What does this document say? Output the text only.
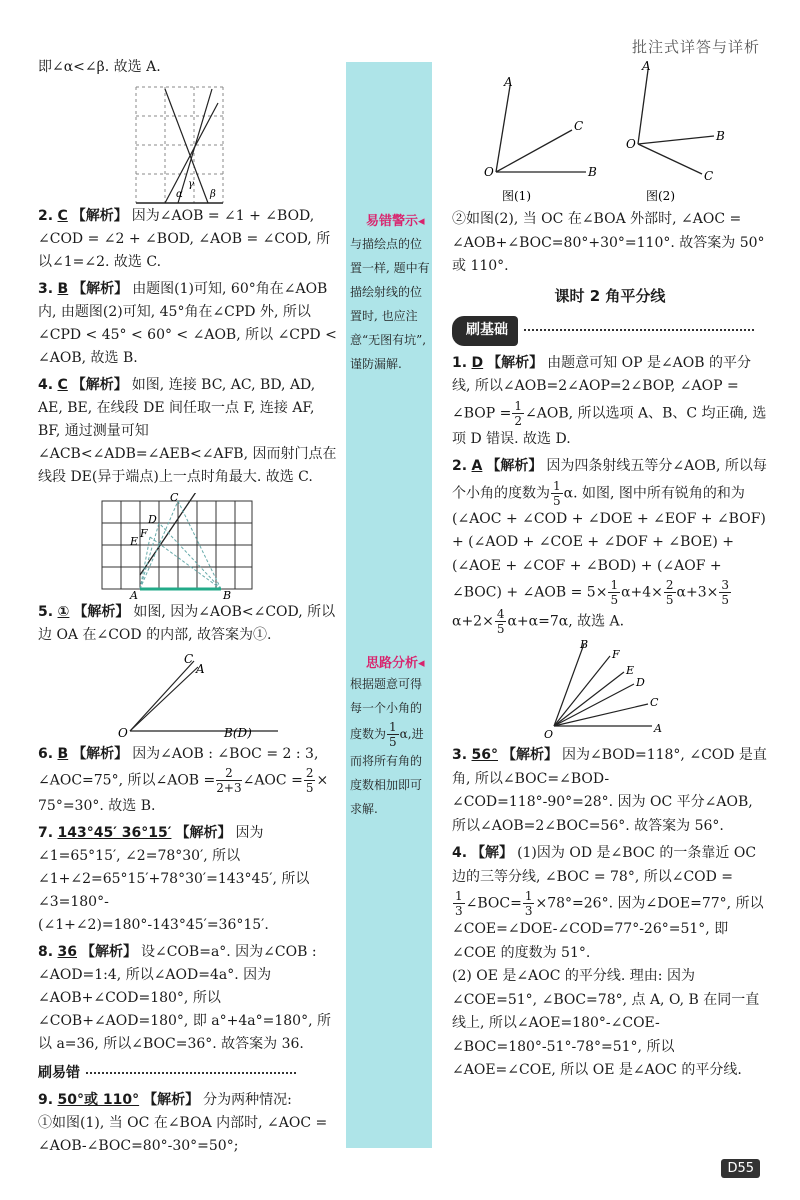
批注式详答与详析
易错警示◂
与描绘点的位置一样, 题中有描绘射线的位置时, 也应注意“无图有坑”, 谨防漏解.
思路分析◂
根据题意可得每一个小角的度数为 $\frac{1}{5} \alpha$,进而将所有角的度数相加即可求解.
即∠α<∠β. 故选 A.
α
γ
β
2. C 【解析】 因为∠AOB = ∠1 + ∠BOD, ∠COD = ∠2 + ∠BOD, ∠AOB = ∠COD, 所以∠1=∠2. 故选 C.
3. B 【解析】 由题图(1)可知, 60°角在∠AOB 内, 由题图(2)可知, 45°角在∠CPD 外, 所以∠CPD < 45° < 60° < ∠AOB, 所以 ∠CPD < ∠AOB, 故选 B.
4. C 【解析】 如图, 连接 BC, AC, BD, AD, AE, BE, 在线段 DE 间任取一点 F, 连接 AF, BF, 通过测量可知 ∠ACB<∠ADB=∠AEB<∠AFB, 因而射门点在线段 DE(异于端点)上一点时角最大. 故选 C.
C
D
F
E
A	B
5. ① 【解析】 如图, 因为∠AOB<∠COD, 所以边 OA 在∠COD 的内部, 故答案为①.
O
C
A
B(D)
6. B 【解析】 因为∠AOB : ∠BOC = 2 : 3,
∠AOC=75°, 所以∠AOB = $\frac{2}{2+3}$ ∠AOC = $\frac{2}{5}$ ×
75°=30°. 故选 B.
7. 143°45′ 36°15′ 【解析】 因为∠1=65°15′, ∠2=78°30′, 所以∠1+∠2=65°15′+78°30′=143°45′, 所以∠3=180°-(∠1+∠2)=180°-143°45′=36°15′.
8. 36 【解析】 设∠COB=a°. 因为∠COB : ∠AOD=1:4, 所以∠AOD=4a°. 因为∠AOB+∠COD=180°, 所以∠COB+∠AOD=180°, 即 a°+4a°=180°, 所以 a=36, 所以∠BOC=36°. 故答案为 36.
刷易错
9. 50°或 110° 【解析】 分为两种情况:
①如图(1), 当 OC 在∠BOA 内部时, ∠AOC = ∠AOB-∠BOC=80°-30°=50°;
A
C
B
O
图(1)
A
B
C
O
图(2)
②如图(2), 当 OC 在∠BOA 外部时, ∠AOC = ∠AOB+∠BOC=80°+30°=110°. 故答案为 50°或 110°.
课时 2 角平分线
刷基础
1. D 【解析】 由题意可知 OP 是∠AOB 的平分线, 所以∠AOB=2∠AOP=2∠BOP, ∠AOP =
∠BOP = $\frac{1}{2}$ ∠AOB, 所以选项 A、B、C 均正确, 选项 D 错误. 故选 D.
2. A 【解析】 因为四条射线五等分∠AOB, 所以每个小角的度数为 $\frac{1}{5} \alpha$. 如图, 图中所有锐角的和为 (∠AOC + ∠COD + ∠DOE + ∠EOF + ∠BOF) + (∠AOD + ∠COE + ∠DOF + ∠BOE) + (∠AOE + ∠COF + ∠BOD) + (∠AOF + ∠BOC) + ∠AOB = $5\times \frac{1}{5} \alpha+4\times \frac{2}{5} \alpha+3\times \frac{3}{5}$
$\alpha+2\times \frac{4}{5} \alpha+\alpha=7\alpha$, 故选 A.
O	A
C
D
E
F
B
3. 56° 【解析】 因为∠BOD=118°, ∠COD 是直角, 所以∠BOC=∠BOD-∠COD=118°-90°=28°. 因为 OC 平分∠AOB, 所以∠AOB=2∠BOC=56°. 故答案为 56°.
4. 【解】 (1)因为 OD 是∠BOC 的一条靠近 OC 边的三等分线, ∠BOC = 78°, 所以∠COD =

$\frac{1}{3}$ ∠BOC= $\frac{1}{3} \times 78^\circ=26^\circ$. 因为∠DOE=77°, 所以∠COE=∠DOE-∠COD=77°-26°=51°, 即∠COE 的度数为 51°.
(2) OE 是∠AOC 的平分线. 理由: 因为∠COE=51°, ∠BOC=78°, 点 A, O, B 在同一直线上, 所以∠AOE=180°-∠COE-∠BOC=180°-51°-78°=51°, 所以∠AOE=∠COE, 所以 OE 是∠AOC 的平分线.
D55
